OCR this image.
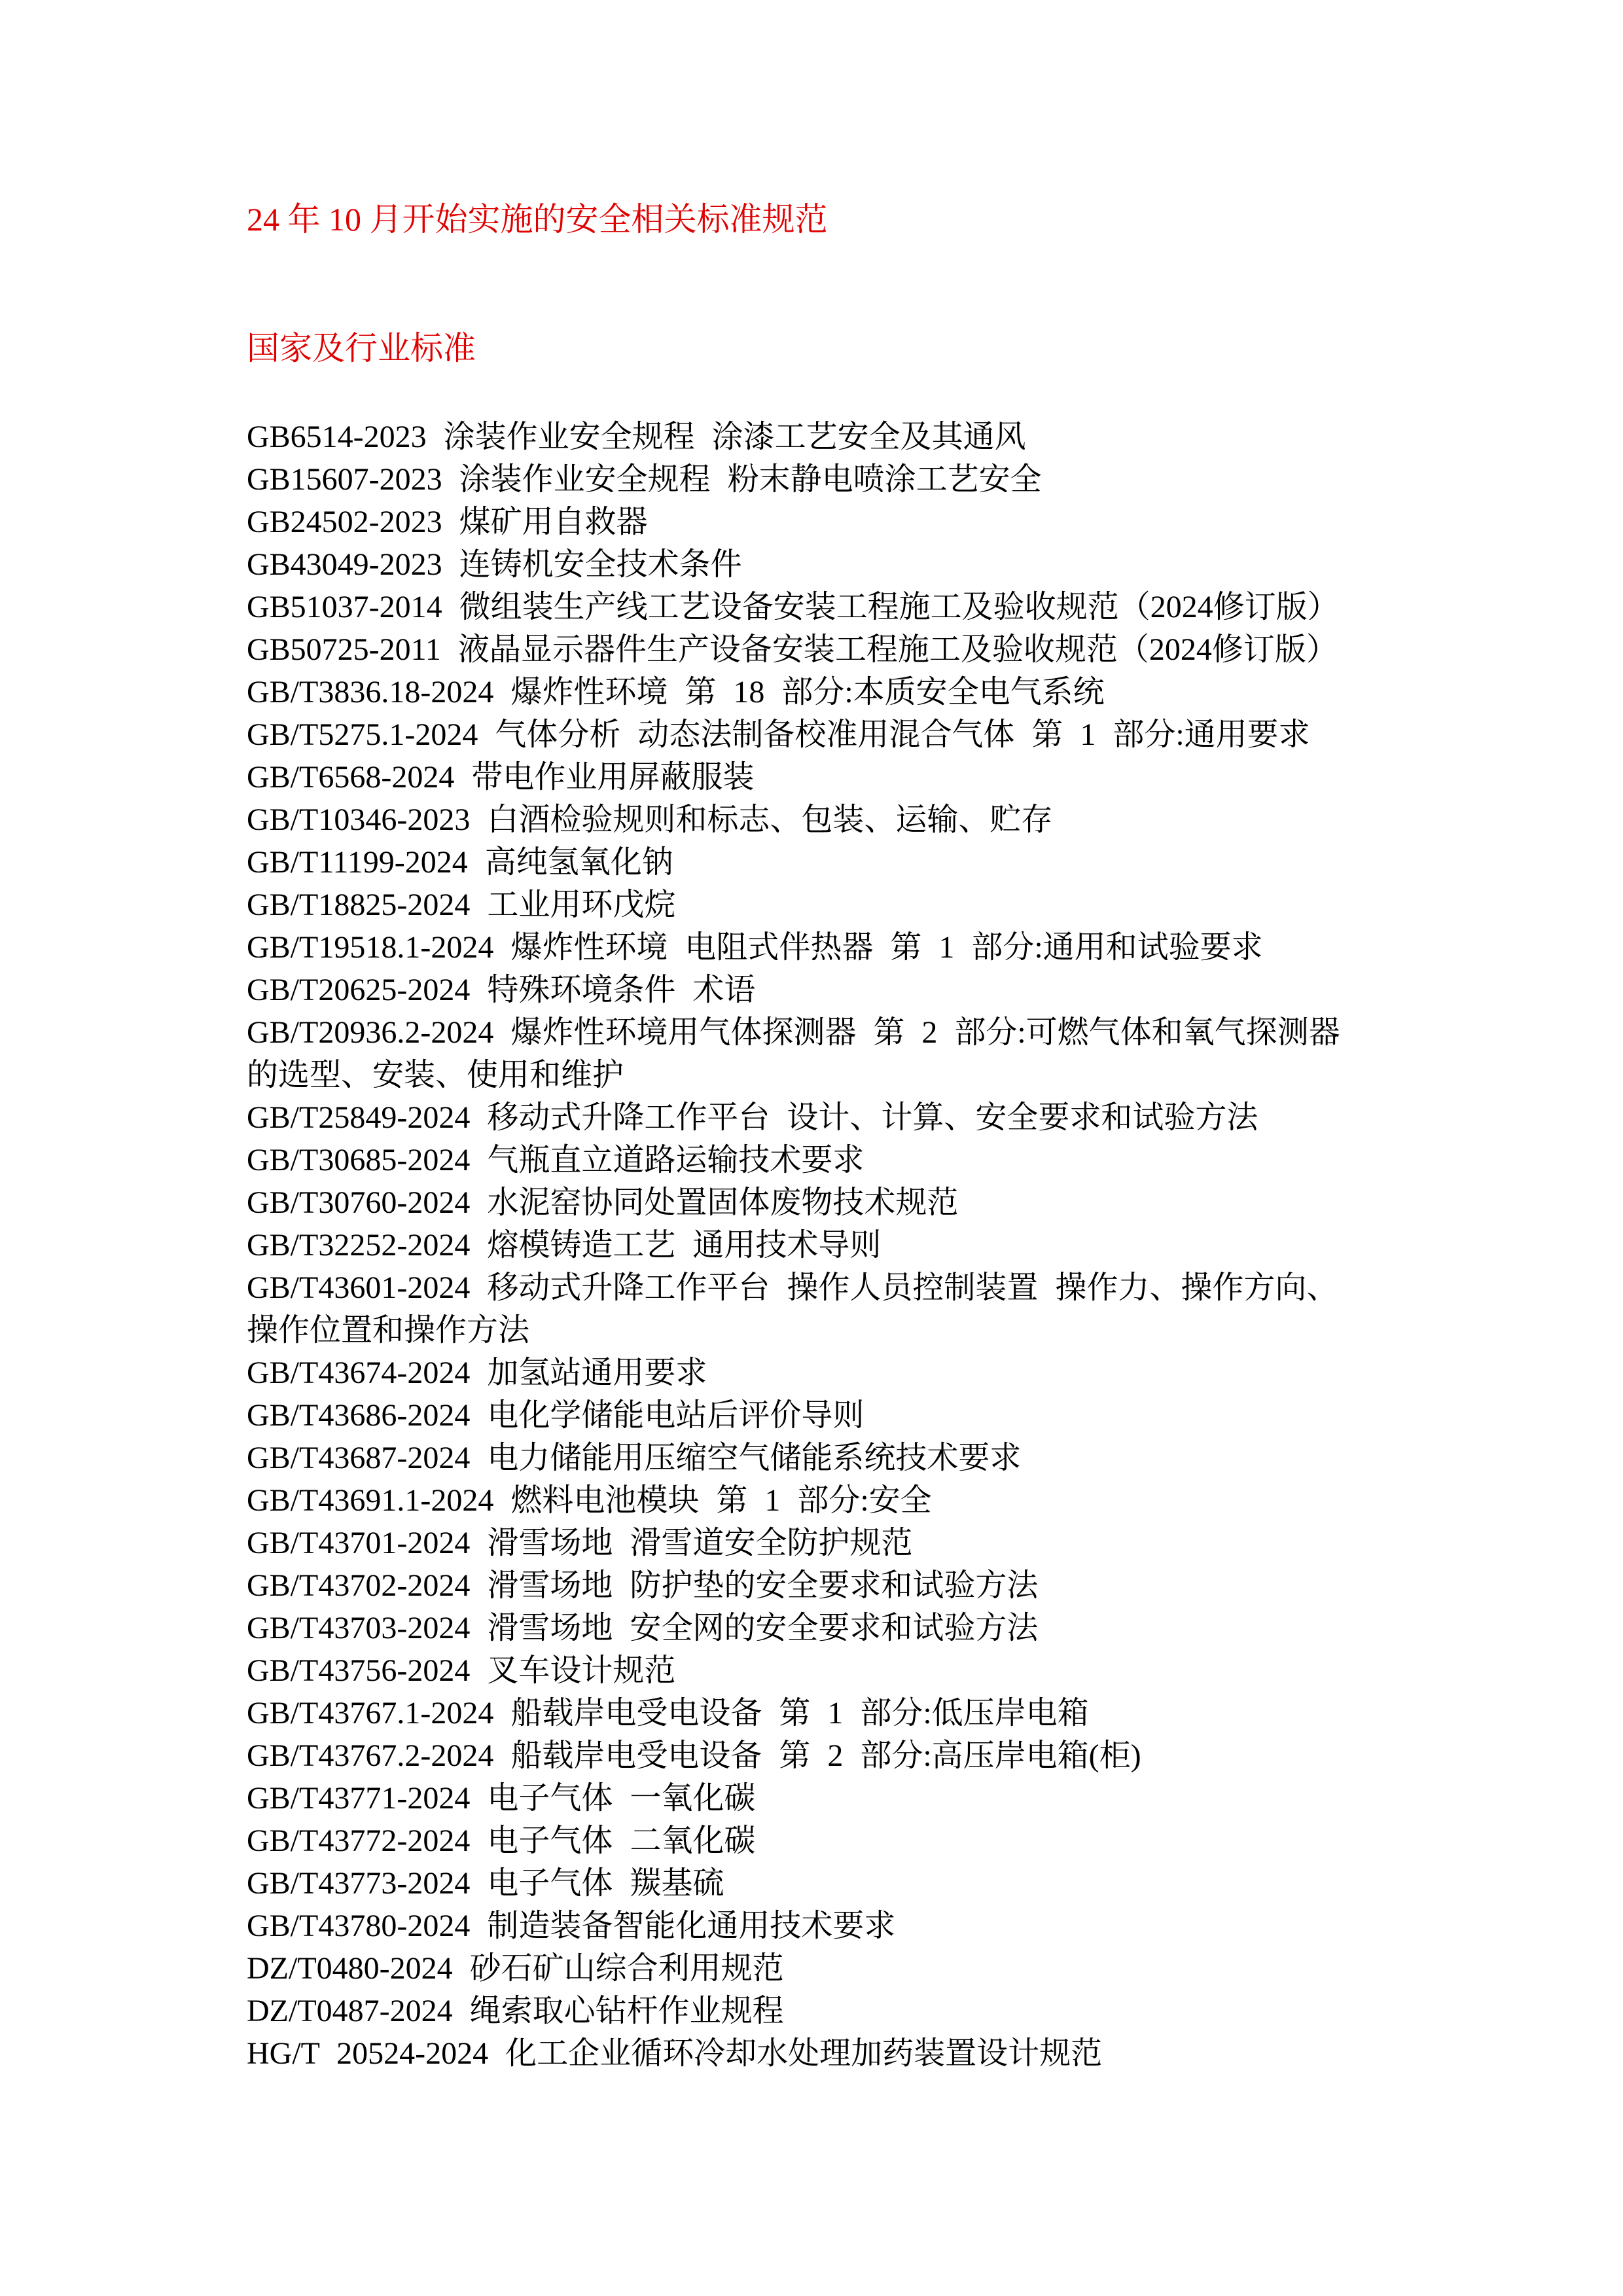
24 年 10 月开始实施的安全相关标准规范
国家及行业标准

GB6514-2023 涂装作业安全规程 涂漆工艺安全及其通风

GB15607-2023 涂装作业安全规程 粉末静电喷涂工艺安全

GB24502-2023 煤矿用自救器

GB43049-2023 连铸机安全技术条件

GB51037-2014 微组装生产线工艺设备安装工程施工及验收规范（2024修订版）

GB50725-2011 液晶显示器件生产设备安装工程施工及验收规范（2024修订版）

GB/T3836.18-2024 爆炸性环境 第 18 部分:本质安全电气系统

GB/T5275.1-2024 气体分析 动态法制备校准用混合气体 第 1 部分:通用要求

GB/T6568-2024 带电作业用屏蔽服装

GB/T10346-2023 白酒检验规则和标志、包装、运输、贮存

GB/T11199-2024 高纯氢氧化钠

GB/T18825-2024 工业用环戊烷

GB/T19518.1-2024 爆炸性环境 电阻式伴热器 第 1 部分:通用和试验要求

GB/T20625-2024 特殊环境条件 术语

GB/T20936.2-2024 爆炸性环境用气体探测器 第 2 部分:可燃气体和氧气探测器

的选型、安装、使用和维护

GB/T25849-2024 移动式升降工作平台 设计、计算、安全要求和试验方法

GB/T30685-2024 气瓶直立道路运输技术要求

GB/T30760-2024 水泥窑协同处置固体废物技术规范

GB/T32252-2024 熔模铸造工艺 通用技术导则

GB/T43601-2024 移动式升降工作平台 操作人员控制装置 操作力、操作方向、

操作位置和操作方法

GB/T43674-2024 加氢站通用要求

GB/T43686-2024 电化学储能电站后评价导则

GB/T43687-2024 电力储能用压缩空气储能系统技术要求

GB/T43691.1-2024 燃料电池模块 第 1 部分:安全

GB/T43701-2024 滑雪场地 滑雪道安全防护规范

GB/T43702-2024 滑雪场地 防护垫的安全要求和试验方法

GB/T43703-2024 滑雪场地 安全网的安全要求和试验方法

GB/T43756-2024 叉车设计规范

GB/T43767.1-2024 船载岸电受电设备 第 1 部分:低压岸电箱

GB/T43767.2-2024 船载岸电受电设备 第 2 部分:高压岸电箱(柜)

GB/T43771-2024 电子气体 一氧化碳

GB/T43772-2024 电子气体 二氧化碳

GB/T43773-2024 电子气体 羰基硫

GB/T43780-2024 制造装备智能化通用技术要求

DZ/T0480-2024 砂石矿山综合利用规范

DZ/T0487-2024 绳索取心钻杆作业规程

HG/T 20524-2024 化工企业循环冷却水处理加药装置设计规范
